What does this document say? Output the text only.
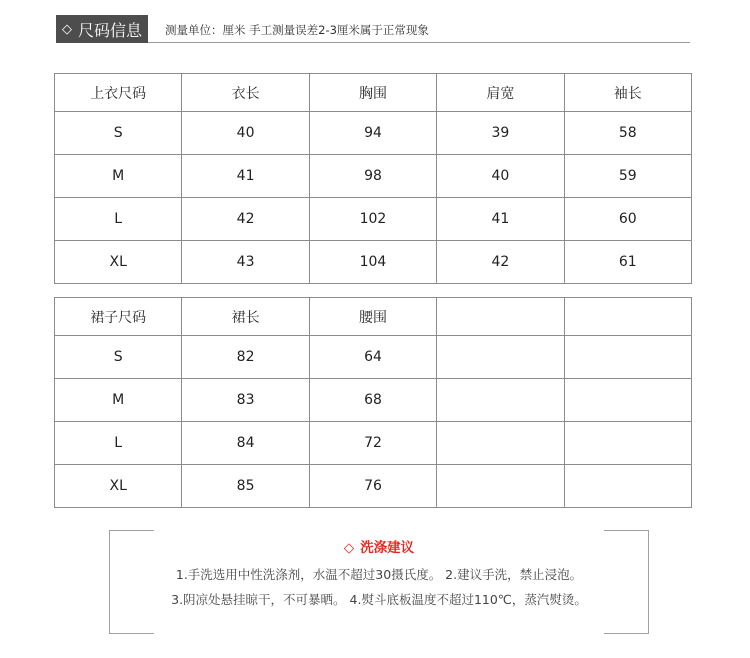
◇ 尺码信息 测量单位：厘米 手工测量误差2-3厘米属于正常现象
上衣尺码	衣长	胸围	肩宽	袖长
S	40	94	39	58
M	41	98	40	59
L	42	102	41	60
XL	43	104	42	61
裙子尺码	裙长	腰围		
S	82	64		
M	83	68		
L	84	72		
XL	85	76		
◇ 洗涤建议
1.手洗选用中性洗涤剂，水温不超过30摄氏度。 2.建议手洗，禁止浸泡。
3.阴凉处悬挂晾干，不可暴晒。 4.熨斗底板温度不超过110℃，蒸汽熨烫。
